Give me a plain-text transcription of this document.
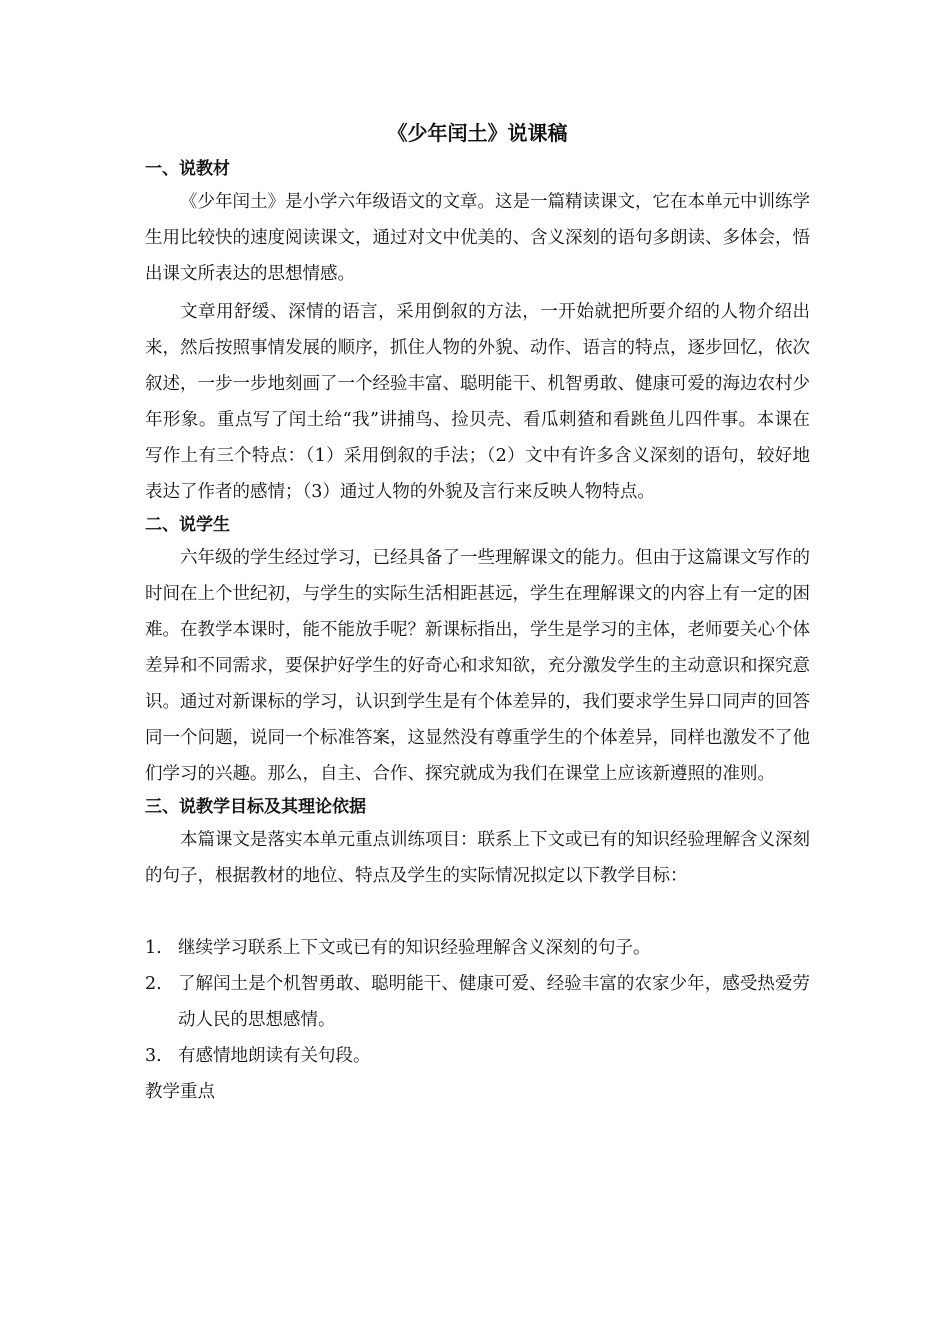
《少年闰土》说课稿
一、说教材

《少年闰土》是小学六年级语文的文章。这是一篇精读课文，它在本单元中训练学生用比较快的速度阅读课文，通过对文中优美的、含义深刻的语句多朗读、多体会，悟出课文所表达的思想情感。

文章用舒缓、深情的语言，采用倒叙的方法，一开始就把所要介绍的人物介绍出来，然后按照事情发展的顺序，抓住人物的外貌、动作、语言的特点，逐步回忆，依次叙述，一步一步地刻画了一个经验丰富、聪明能干、机智勇敢、健康可爱的海边农村少年形象。重点写了闰土给“我”讲捕鸟、捡贝壳、看瓜刺猹和看跳鱼儿四件事。本课在写作上有三个特点：（1）采用倒叙的手法；（2）文中有许多含义深刻的语句，较好地表达了作者的感情；（3）通过人物的外貌及言行来反映人物特点。

二、说学生

六年级的学生经过学习，已经具备了一些理解课文的能力。但由于这篇课文写作的时间在上个世纪初，与学生的实际生活相距甚远，学生在理解课文的内容上有一定的困难。在教学本课时，能不能放手呢？新课标指出，学生是学习的主体，老师要关心个体差异和不同需求，要保护好学生的好奇心和求知欲，充分激发学生的主动意识和探究意识。通过对新课标的学习，认识到学生是有个体差异的，我们要求学生异口同声的回答同一个问题，说同一个标准答案，这显然没有尊重学生的个体差异，同样也激发不了他们学习的兴趣。那么，自主、合作、探究就成为我们在课堂上应该新遵照的准则。

三、说教学目标及其理论依据

本篇课文是落实本单元重点训练项目：联系上下文或已有的知识经验理解含义深刻的句子，根据教材的地位、特点及学生的实际情况拟定以下教学目标：

1. 继续学习联系上下文或已有的知识经验理解含义深刻的句子。
2. 了解闰土是个机智勇敢、聪明能干、健康可爱、经验丰富的农家少年，感受热爱劳动人民的思想感情。
3. 有感情地朗读有关句段。

教学重点
